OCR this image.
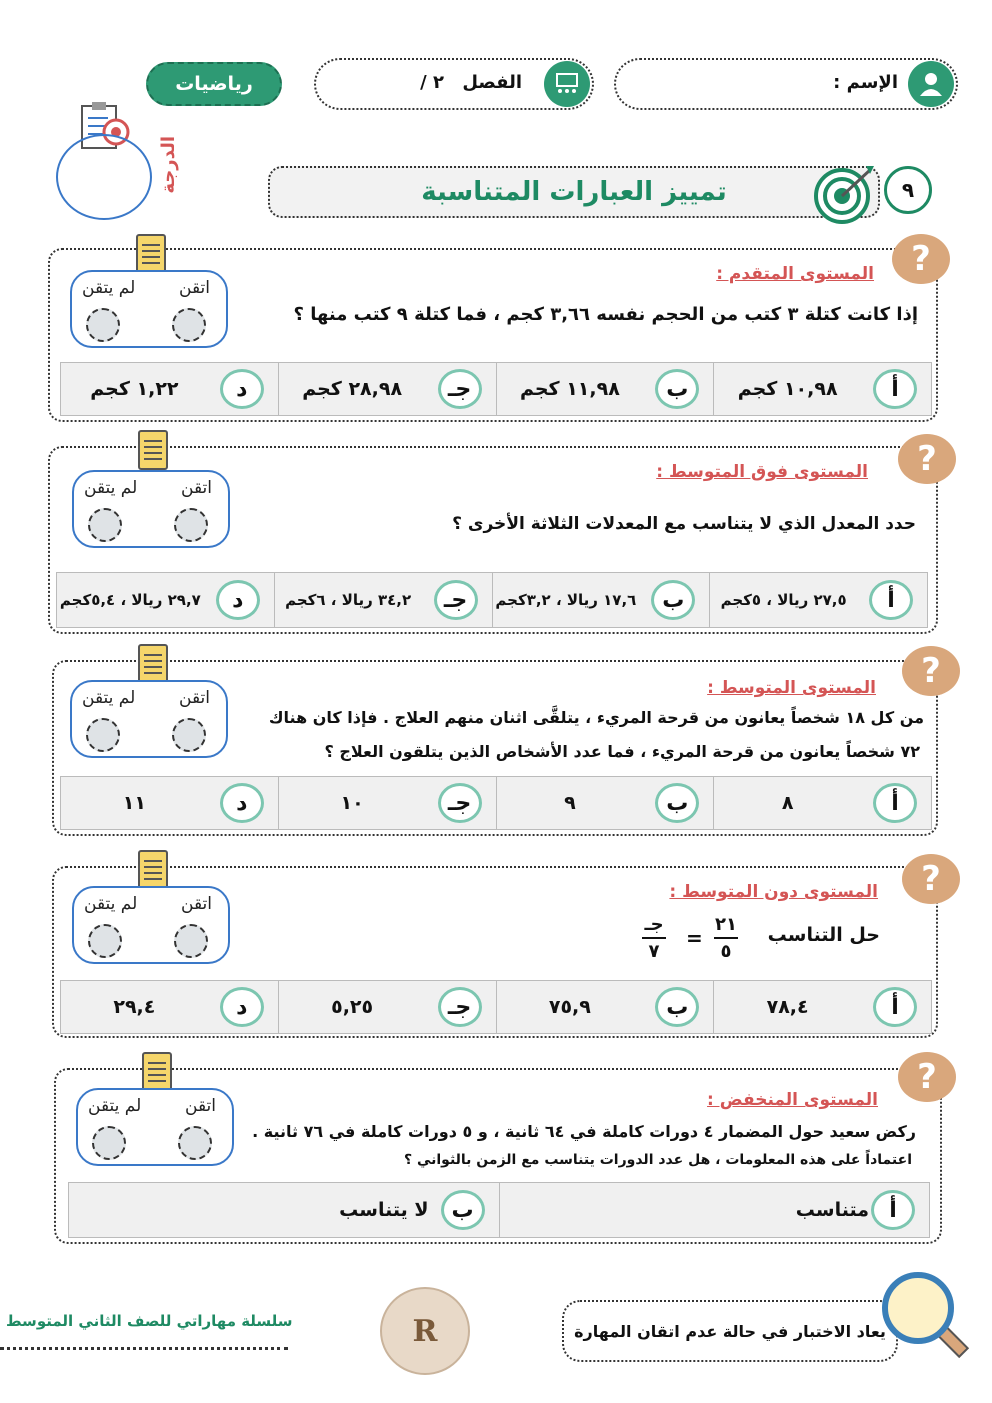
رياضيات	الفصل
٢ /	الإسم :
الدرجة	تمييز العبارات المتناسبة	٩
?
اتقن
لم يتقن
المستوى المتقدم :
إذا كانت كتلة ٣ كتب من الحجم نفسه ٣,٦٦ كجم ، فما كتلة ٩ كتب منها ؟
أ
١٠,٩٨ كجم
ب
١١,٩٨ كجم
جـ
٢٨,٩٨ كجم
د
١,٢٢ كجم
?
اتقن
لم يتقن
المستوى فوق المتوسط :
حدد المعدل الذي لا يتناسب مع المعدلات الثلاثة الأخرى ؟
أ
٢٧,٥ ريالا ، ٥كجم
ب
١٧,٦ ريالا ، ٣,٢كجم
جـ
٣٤,٢ ريالا ، ٦كجم
د
٢٩,٧ ريالا ، ٥,٤كجم
?
اتقن
لم يتقن	المستوى المتوسط :
من كل ١٨ شخصاً يعانون من قرحة المريء ، يتلقَّى اثنان منهم العلاج . فإذا كان هناك
٧٢ شخصاً يعانون من قرحة المريء ، فما عدد الأشخاص الذين يتلقون العلاج ؟
أ
٨
ب
٩
جـ
١٠
د
١١
?
اتقن
لم يتقن
المستوى دون المتوسط :
حل التناسب
٢١
٥
=
جـ
٧
أ
٧٨,٤
ب
٧٥,٩
جـ
٥,٢٥
د
٢٩,٤
?
اتقن
لم يتقن	المستوى المنخفض :
ركض سعيد حول المضمار ٤ دورات كاملة في ٦٤ ثانية ، و ٥ دورات كاملة في ٧٦ ثانية .
اعتماداً على هذه المعلومات ، هل عدد الدورات يتناسب مع الزمن بالثواني ؟
أ
متناسب
ب
لا يتناسب
سلسلة مهاراتي للصف الثاني المتوسط	R	يعاد الاختبار في حالة عدم اتقان المهارة
